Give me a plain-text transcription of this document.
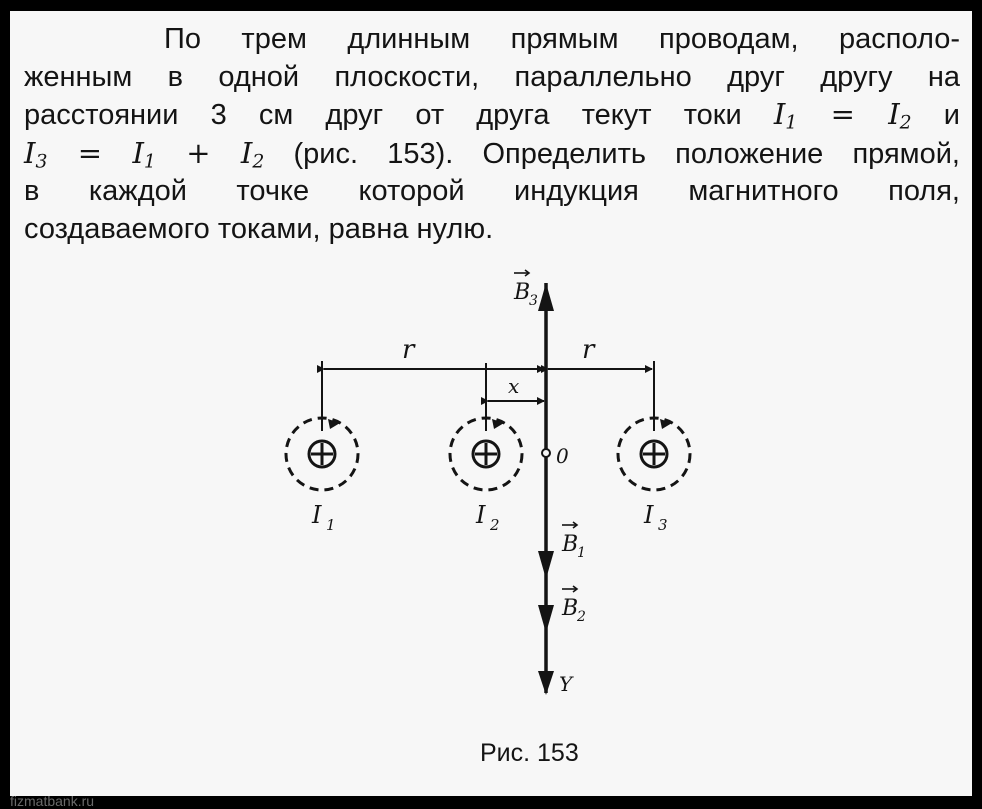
По трем длинным прямым проводам, располо-
женным в одной плоскости, параллельно друг другу на
расстоянии 3 см друг от друга текут токи $I_1 = I_2$ и
$I_3 = I_1 + I_2$ (рис. 153). Определить положение прямой,
в каждой точке которой индукция магнитного поля,
создаваемого токами, равна нулю.
r	r
x
0
B
3
B
1
B
2
Y
I 1	I 2	I 3
Рис. 153
fizmatbank.ru
